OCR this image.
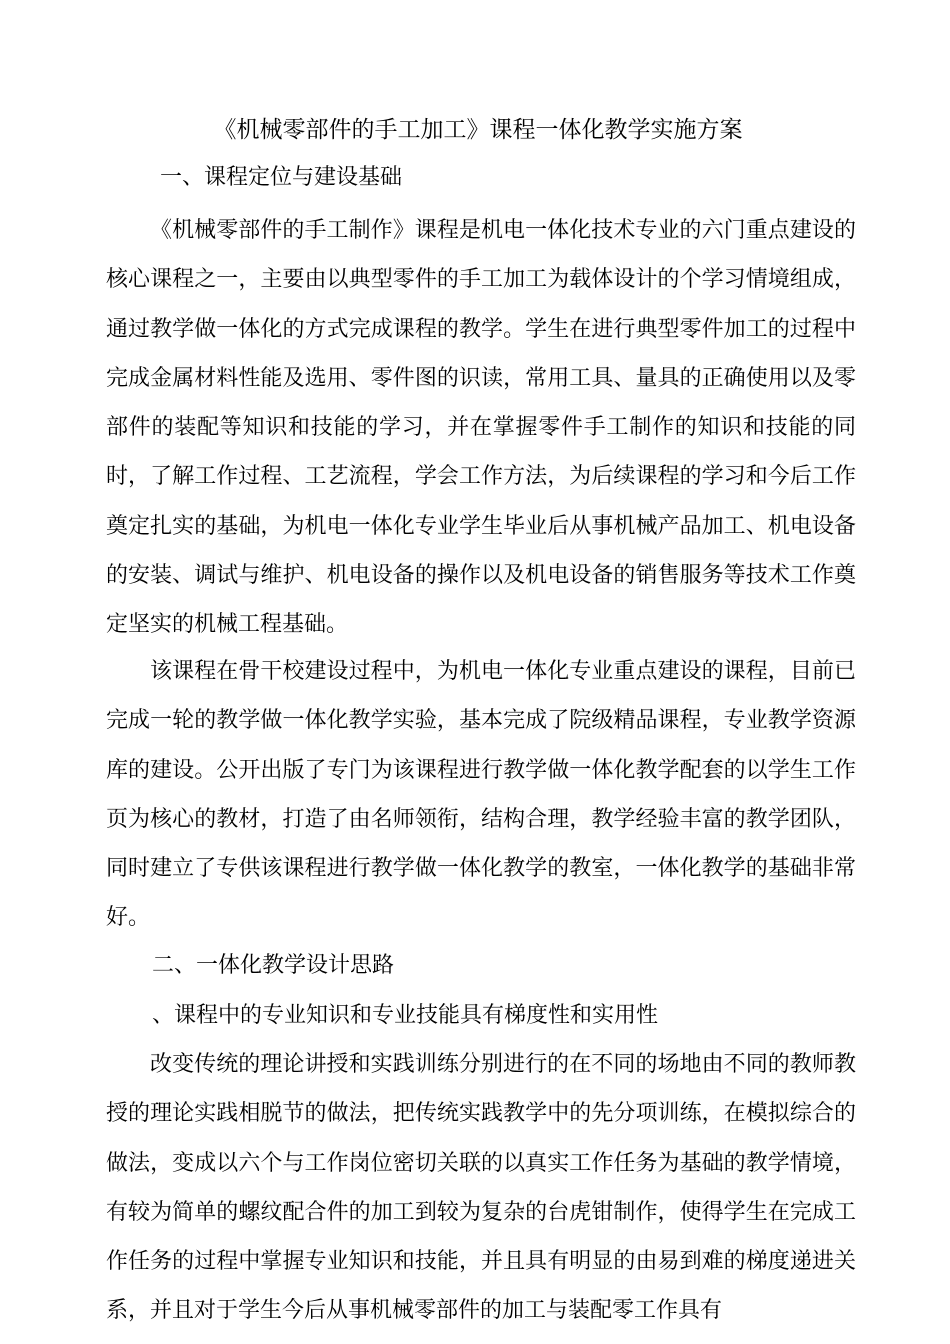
《机械零部件的手工加工》课程一体化教学实施方案
一、课程定位与建设基础

《机械零部件的手工制作》课程是机电一体化技术专业的六门重点建设的核心课程之一，主要由以典型零件的手工加工为载体设计的个学习情境组成，通过教学做一体化的方式完成课程的教学。学生在进行典型零件加工的过程中完成金属材料性能及选用、零件图的识读，常用工具、量具的正确使用以及零部件的装配等知识和技能的学习，并在掌握零件手工制作的知识和技能的同时，了解工作过程、工艺流程，学会工作方法，为后续课程的学习和今后工作奠定扎实的基础，为机电一体化专业学生毕业后从事机械产品加工、机电设备的安装、调试与维护、机电设备的操作以及机电设备的销售服务等技术工作奠定坚实的机械工程基础。

该课程在骨干校建设过程中，为机电一体化专业重点建设的课程，目前已完成一轮的教学做一体化教学实验，基本完成了院级精品课程，专业教学资源库的建设。公开出版了专门为该课程进行教学做一体化教学配套的以学生工作页为核心的教材，打造了由名师领衔，结构合理，教学经验丰富的教学团队，同时建立了专供该课程进行教学做一体化教学的教室，一体化教学的基础非常好。

二、一体化教学设计思路
、课程中的专业知识和专业技能具有梯度性和实用性

改变传统的理论讲授和实践训练分别进行的在不同的场地由不同的教师教授的理论实践相脱节的做法，把传统实践教学中的先分项训练，在模拟综合的做法，变成以六个与工作岗位密切关联的以真实工作任务为基础的教学情境，有较为简单的螺纹配合件的加工到较为复杂的台虎钳制作，使得学生在完成工作任务的过程中掌握专业知识和技能，并且具有明显的由易到难的梯度递进关系，并且对于学生今后从事机械零部件的加工与装配零工作具有
